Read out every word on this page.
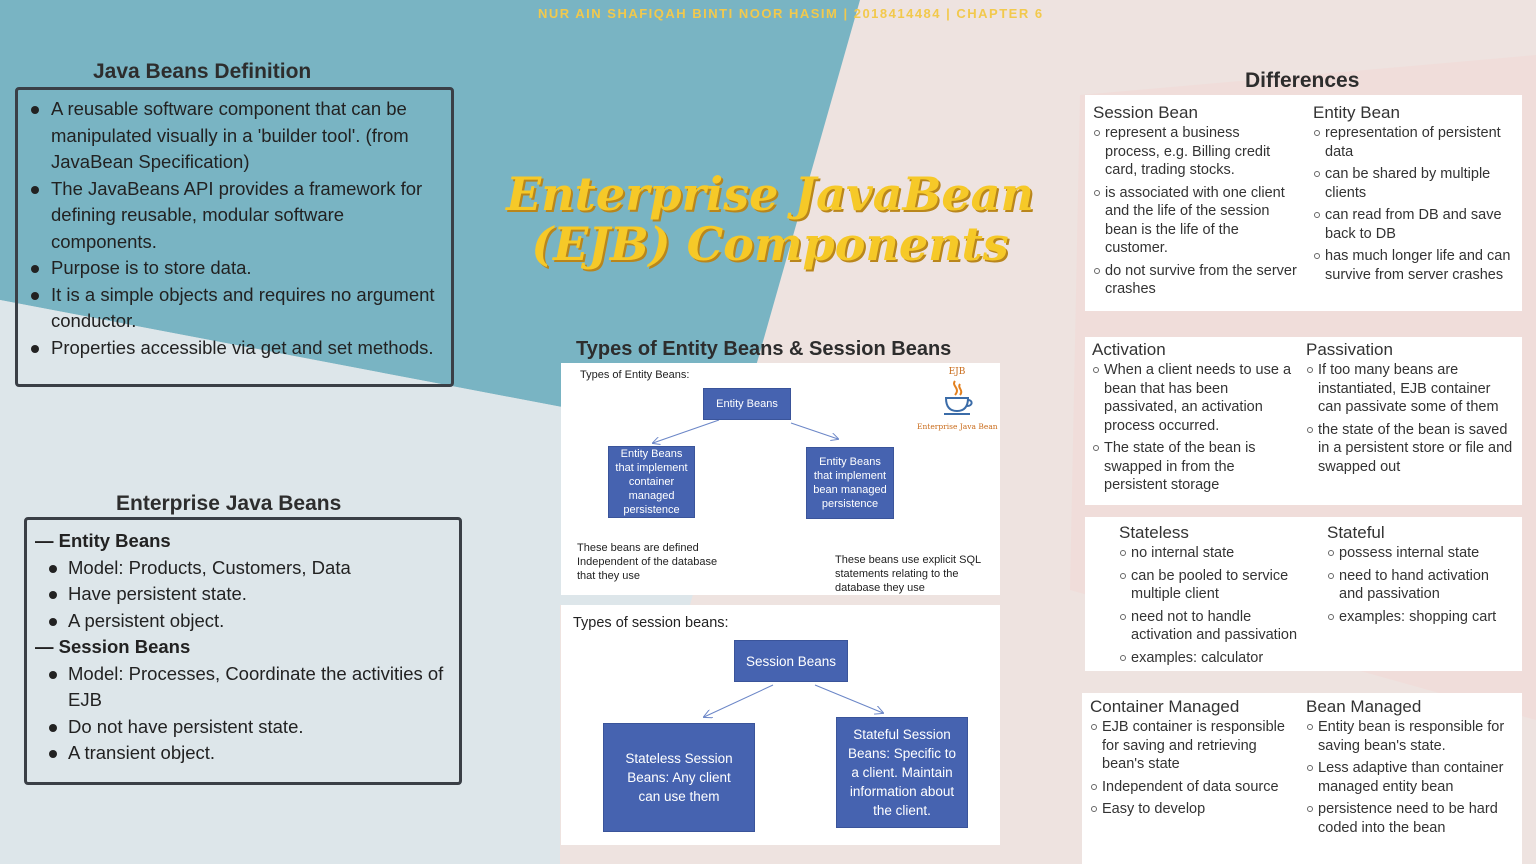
NUR AIN SHAFIQAH BINTI NOOR HASIM | 2018414484 | CHAPTER 6
Java Beans Definition
A reusable software component that can be manipulated visually in a 'builder tool'. (from JavaBean Specification)
The JavaBeans API provides a framework for defining reusable, modular software components.
Purpose is to store data.
It is a simple objects and requires no argument conductor.
Properties accessible via get and set methods.
Enterprise Java Beans
— Entity Beans
Model: Products, Customers, Data
Have persistent state.
A persistent object.
— Session Beans
Model: Processes, Coordinate the activities of EJB
Do not have persistent state.
A transient object.
Enterprise JavaBean
(EJB) Components
Types of Entity Beans & Session Beans
Types of Entity Beans:
Entity Beans
Entity Beans that implement container managed persistence
Entity Beans that implement bean managed persistence
These beans are defined Independent of the database that they use
These beans use explicit SQL statements relating to the database they use
EJB
Enterprise Java Bean
Types of session beans:
Session Beans
Stateless Session Beans: Any client can use them
Stateful Session Beans: Specific to a client. Maintain information about the client.
Differences
Session Bean
represent a business process, e.g. Billing credit card, trading stocks.
is associated with one client and the life of the session bean is the life of the customer.
do not survive from the server crashes
Entity Bean
representation of persistent data
can be shared by multiple clients
can read from DB and save back to DB
has much longer life and can survive from server crashes
Activation
When a client needs to use a bean that has been passivated, an activation process occurred.
The state of the bean is swapped in from the persistent storage
Passivation
If too many beans are instantiated, EJB container can passivate some of them
the state of the bean is saved in a persistent store or file and swapped out
Stateless
no internal state
can be pooled to service multiple client
need not to handle activation and passivation
examples: calculator
Stateful
possess internal state
need to hand activation and passivation
examples: shopping cart
Container Managed
EJB container is responsible for saving and retrieving bean's state
Independent of data source
Easy to develop
Bean Managed
Entity bean is responsible for saving bean's state.
Less adaptive than container managed entity bean
persistence need to be hard coded into the bean
